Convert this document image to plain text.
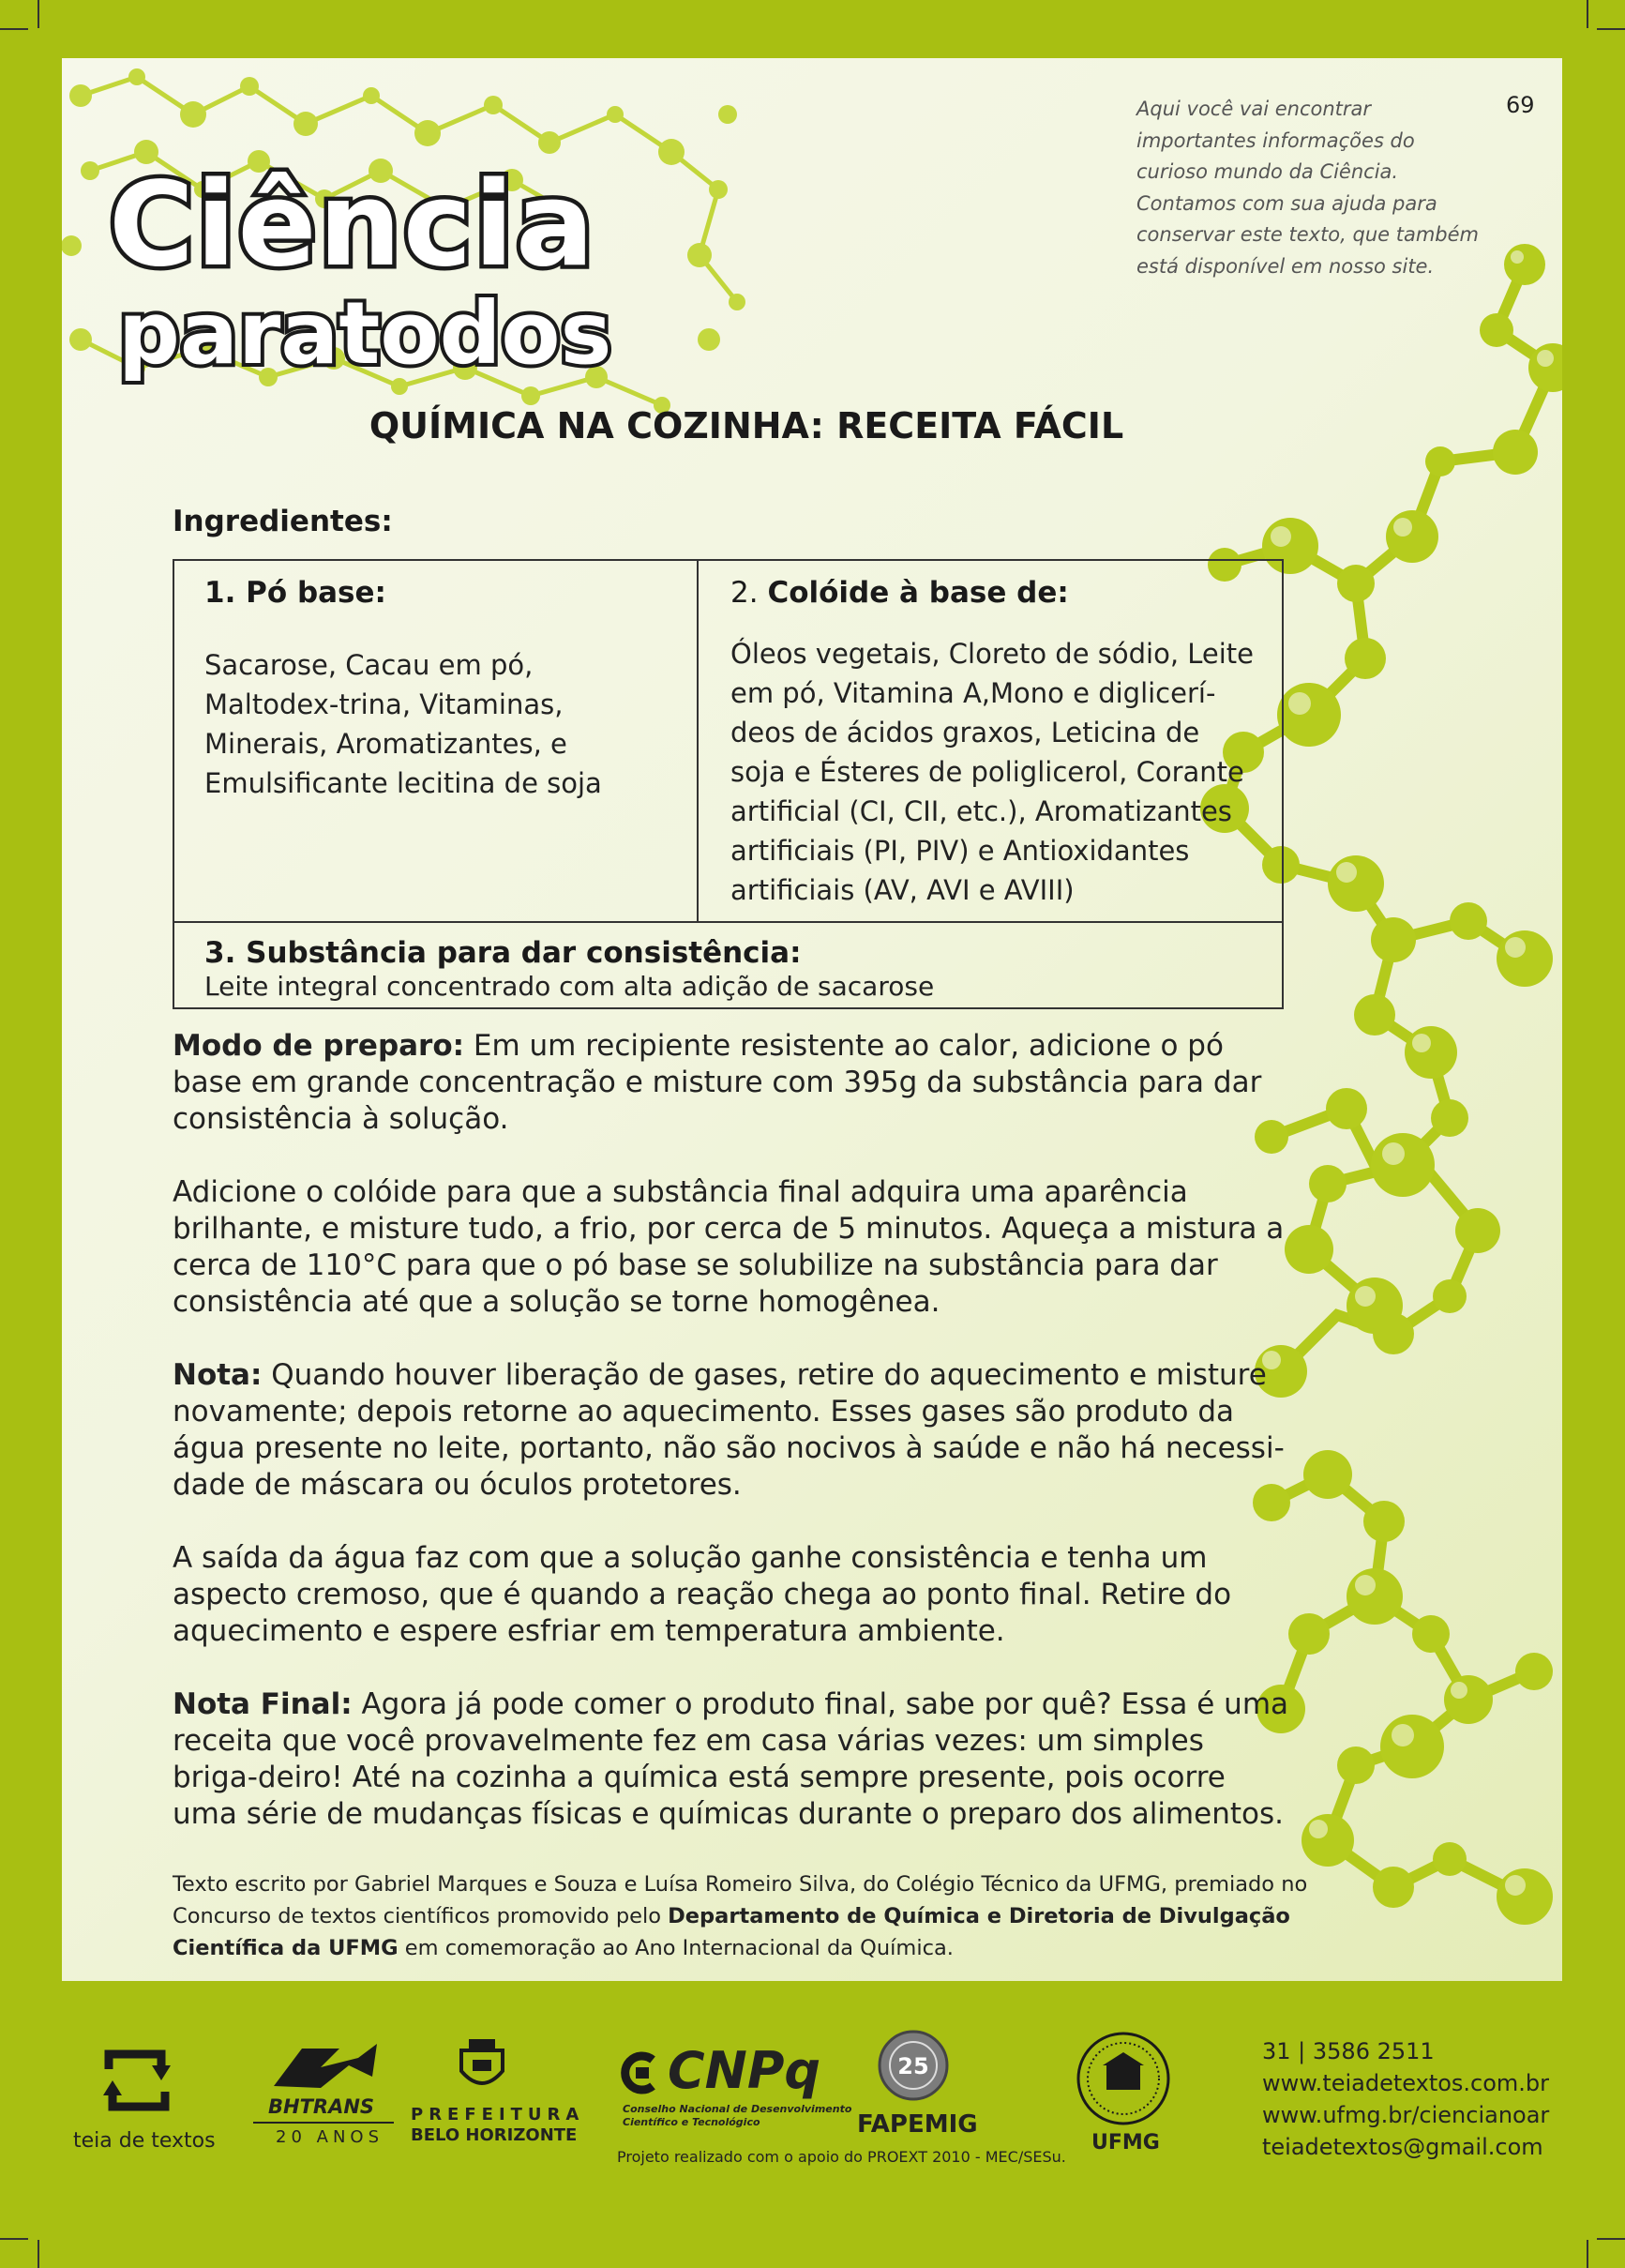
Ciência
paratodos
Aqui você vai encontrar
importantes informações do
curioso mundo da Ciência.
Contamos com sua ajuda para
conservar este texto, que também
está disponível em nosso site.
69
QUÍMICA NA COZINHA: RECEITA FÁCIL
Ingredientes:
1. Pó base:
Sacarose, Cacau em pó, Maltodex-trina, Vitaminas, Minerais, Aromatizantes, e Emulsificante lecitina de soja
2. Colóide à base de:
Óleos vegetais, Cloreto de sódio, Leite em pó, Vitamina A,Mono e diglicerí-deos de ácidos graxos, Leticina de soja e Ésteres de poliglicerol, Corante artificial (CI, CII, etc.), Aromatizantes artificiais (PI, PIV) e Antioxidantes artificiais (AV, AVI e AVIII)
3. Substância para dar consistência:
Leite integral concentrado com alta adição de sacarose

Modo de preparo: Em um recipiente resistente ao calor, adicione o pó base em grande concentração e misture com 395g da substância para dar consistência à solução.

Adicione o colóide para que a substância final adquira uma aparência brilhante, e misture tudo, a frio, por cerca de 5 minutos. Aqueça a mistura a cerca de 110°C para que o pó base se solubilize na substância para dar consistência até que a solução se torne homogênea.

Nota: Quando houver liberação de gases, retire do aquecimento e misture novamente; depois retorne ao aquecimento. Esses gases são produto da água presente no leite, portanto, não são nocivos à saúde e não há necessi-dade de máscara ou óculos protetores.

A saída da água faz com que a solução ganhe consistência e tenha um aspecto cremoso, que é quando a reação chega ao ponto final. Retire do aquecimento e espere esfriar em temperatura ambiente.

Nota Final: Agora já pode comer o produto final, sabe por quê? Essa é uma receita que você provavelmente fez em casa várias vezes: um simples briga-deiro! Até na cozinha a química está sempre presente, pois ocorre uma série de mudanças físicas e químicas durante o preparo dos alimentos.

Texto escrito por Gabriel Marques e Souza e Luísa Romeiro Silva, do Colégio Técnico da UFMG, premiado no Concurso de textos científicos promovido pelo Departamento de Química e Diretoria de Divulgação Científica da UFMG em comemoração ao Ano Internacional da Química.
teia de textos
BHTRANS
20 ANOS
PREFEITURA
BELO HORIZONTE
CNPq
Conselho Nacional de Desenvolvimento
Científico e Tecnológico
25
FAPEMIG
Projeto realizado com o apoio do PROEXT 2010 - MEC/SESu.
UFMG
31 | 3586 2511
www.teiadetextos.com.br
www.ufmg.br/ciencianoar
teiadetextos@gmail.com
